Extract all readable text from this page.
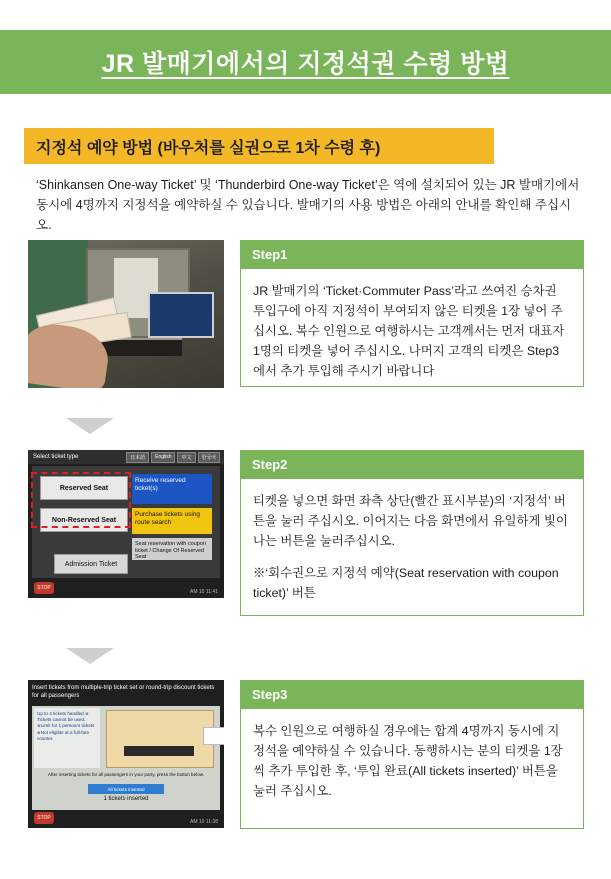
JR 발매기에서의 지정석권 수령 방법
지정석 예약 방법 (바우처를 실권으로 1차 수령 후)
‘Shinkansen One-way Ticket’ 및 ‘Thunderbird One-way Ticket’은 역에 설치되어 있는 JR 발매기에서 동시에 4명까지 지정석을 예약하실 수 있습니다. 발매기의 사용 방법은 아래의 안내를 확인해 주십시오.
Step1
JR 발매기의 ‘Ticket·Commuter Pass’라고 쓰여진 승차권 투입구에 아직 지정석이 부여되지 않은 티켓을 1장 넣어 주십시오. 복수 인원으로 여행하시는 고객께서는 먼저 대표자 1명의 티켓을 넣어 주십시오. 나머지 고객의 티켓은 Step3에서 추가 투입해 주시기 바랍니다
Select ticket type	日本語	English	中文	한국어
Reserved Seat
Non-Reserved Seat
Admission Ticket
Receive reserved ticket(s)
Purchase tickets using route search
Seat reservation with coupon ticket / Change Of Reserved Seat
STOP
AM 10 11:41
Step2
티켓을 넣으면 화면 좌측 상단(빨간 표시부분)의 ‘지정석’ 버튼을 눌러 주십시오. 이어지는 다음 화면에서 유일하게 빛이 나는 버튼을 눌러주십시오.
※‘회수권으로 지정석 예약(Seat reservation with coupon ticket)’ 버튼
Insert tickets from multiple-trip ticket set or round-trip discount tickets for all passengers
Up to 4 tickets handled ※ Tickets cannot be used. ※Limit for 1 person/4 tickets ※Not eligible at a full-fare counter.
After inserting tickets for all passengers in your party, press the button below.
All tickets inserted
1 tickets inserted
STOP
AM 10 11:38
Step3
복수 인원으로 여행하실 경우에는 합계 4명까지 동시에 지정석을 예약하실 수 있습니다. 동행하시는 분의 티켓을 1장씩 추가 투입한 후, ‘투입 완료(All tickets inserted)’ 버튼을 눌러 주십시오.
